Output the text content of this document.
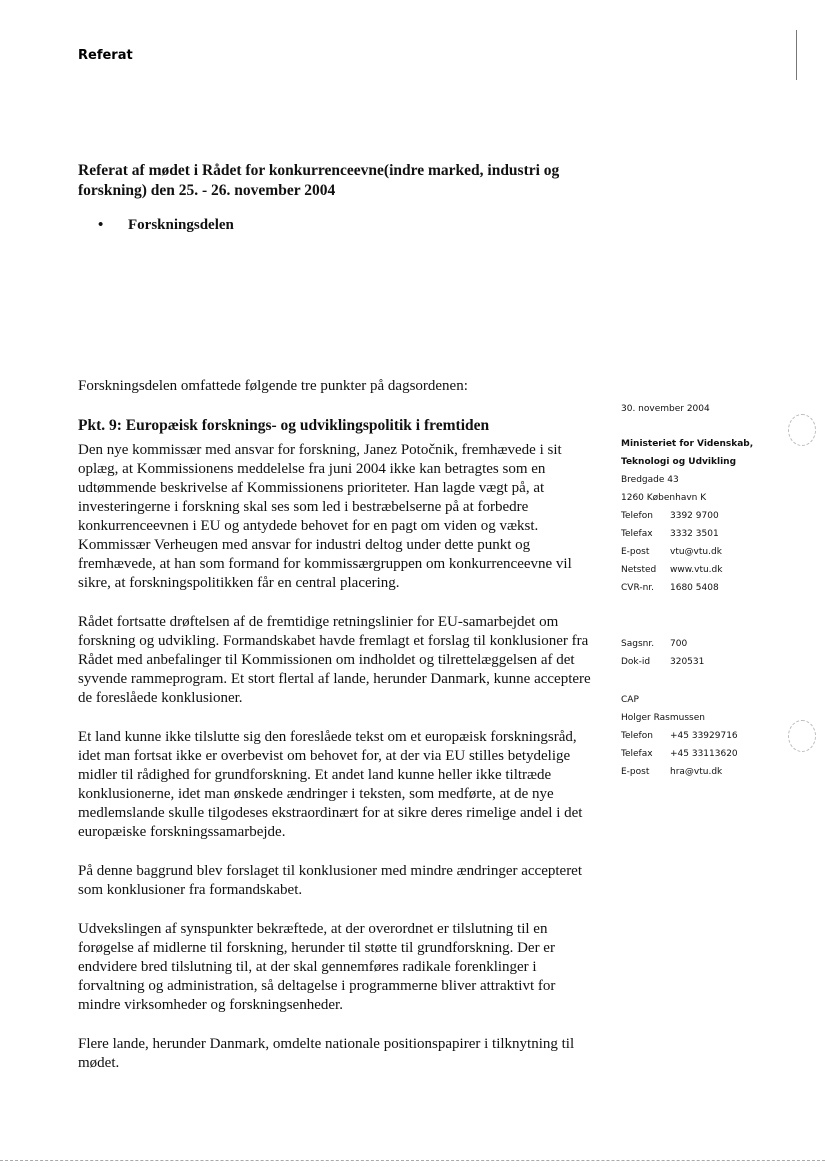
Referat
Referat af mødet i Rådet for konkurrenceevne(indre marked, industri og forskning) den 25. - 26. november 2004
•	Forskningsdelen

Forskningsdelen omfattede følgende tre punkter på dagsordenen:

Pkt. 9: Europæisk forsknings- og udviklingspolitik i fremtiden

Den nye kommissær med ansvar for forskning, Janez Potočnik, fremhævede i sit oplæg, at Kommissionens meddelelse fra juni 2004 ikke kan betragtes som en udtømmende beskrivelse af Kommissionens prioriteter. Han lagde vægt på, at investeringerne i forskning skal ses som led i bestræbelserne på at forbedre konkurrenceevnen i EU og antydede behovet for en pagt om viden og vækst. Kommissær Verheugen med ansvar for industri deltog under dette punkt og fremhævede, at han som formand for kommissærgruppen om konkurrenceevne vil sikre, at forskningspolitikken får en central placering.

Rådet fortsatte drøftelsen af de fremtidige retningslinier for EU-samarbejdet om forskning og udvikling. Formandskabet havde fremlagt et forslag til konklusioner fra Rådet med anbefalinger til Kommissionen om indholdet og tilrettelæggelsen af det syvende rammeprogram. Et stort flertal af lande, herunder Danmark, kunne acceptere de foreslåede konklusioner.

Et land kunne ikke tilslutte sig den foreslåede tekst om et europæisk forskningsråd, idet man fortsat ikke er overbevist om behovet for, at der via EU stilles betydelige midler til rådighed for grundforskning. Et andet land kunne heller ikke tiltræde konklusionerne, idet man ønskede ændringer i teksten, som medførte, at de nye medlemslande skulle tilgodeses ekstraordinært for at sikre deres rimelige andel i det europæiske forskningssamarbejde.

På denne baggrund blev forslaget til konklusioner med mindre ændringer accepteret som konklusioner fra formandskabet.

Udvekslingen af synspunkter bekræftede, at der overordnet er tilslutning til en forøgelse af midlerne til forskning, herunder til støtte til grundforskning. Der er endvidere bred tilslutning til, at der skal gennemføres radikale forenklinger i forvaltning og administration, så deltagelse i programmerne bliver attraktivt for mindre virksomheder og forskningsenheder.

Flere lande, herunder Danmark, omdelte nationale positionspapirer i tilknytning til mødet.

30. november 2004
Ministeriet for Videnskab,
Teknologi og Udvikling
Bredgade 43
1260 København K
Telefon	3392 9700
Telefax	3332 3501
E-post	vtu@vtu.dk
Netsted	www.vtu.dk
CVR-nr.	1680 5408
Sagsnr.	700
Dok-id	320531
CAP
Holger Rasmussen
Telefon	+45 33929716
Telefax	+45 33113620
E-post	hra@vtu.dk
